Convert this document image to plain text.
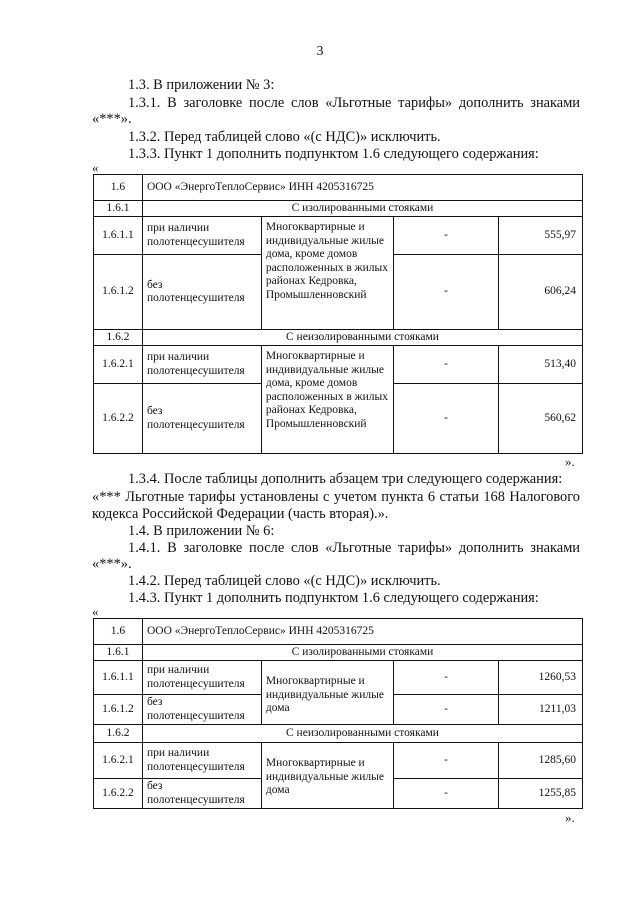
3
1.3. В приложении № 3:
1.3.1. В заголовке после слов «Льготные тарифы» дополнить знаками
«***».
1.3.2. Перед таблицей слово «(с НДС)» исключить.
1.3.3. Пункт 1 дополнить подпунктом 1.6 следующего содержания:
«
1.6	ООО «ЭнергоТеплоСервис» ИНН 4205316725			
1.6.1	С изолированными стояками			
1.6.1.1	при наличии полотенцесушителя	Многоквартирные и индивидуальные жилые дома, кроме домов расположенных в жилых районах Кедровка, Промышленновский	-	555,97
1.6.1.2	без полотенцесушителя		-	606,24
1.6.2	С неизолированными стояками			
1.6.2.1	при наличии полотенцесушителя	Многоквартирные и индивидуальные жилые дома, кроме домов расположенных в жилых районах Кедровка, Промышленновский	-	513,40
1.6.2.2	без полотенцесушителя		-	560,62
».
1.3.4. После таблицы дополнить абзацем три следующего содержания:
«*** Льготные тарифы установлены с учетом пункта 6 статьи 168 Налогового
кодекса Российской Федерации (часть вторая).».
1.4. В приложении № 6:
1.4.1. В заголовке после слов «Льготные тарифы» дополнить знаками
«***».
1.4.2. Перед таблицей слово «(с НДС)» исключить.
1.4.3. Пункт 1 дополнить подпунктом 1.6 следующего содержания:
«
1.6	ООО «ЭнергоТеплоСервис» ИНН 4205316725			
1.6.1	С изолированными стояками			
1.6.1.1	при наличии полотенцесушителя	Многоквартирные и индивидуальные жилые дома	-	1260,53
1.6.1.2	без полотенцесушителя		-	1211,03
1.6.2	С неизолированными стояками			
1.6.2.1	при наличии полотенцесушителя	Многоквартирные и индивидуальные жилые дома	-	1285,60
1.6.2.2	без полотенцесушителя		-	1255,85
».
